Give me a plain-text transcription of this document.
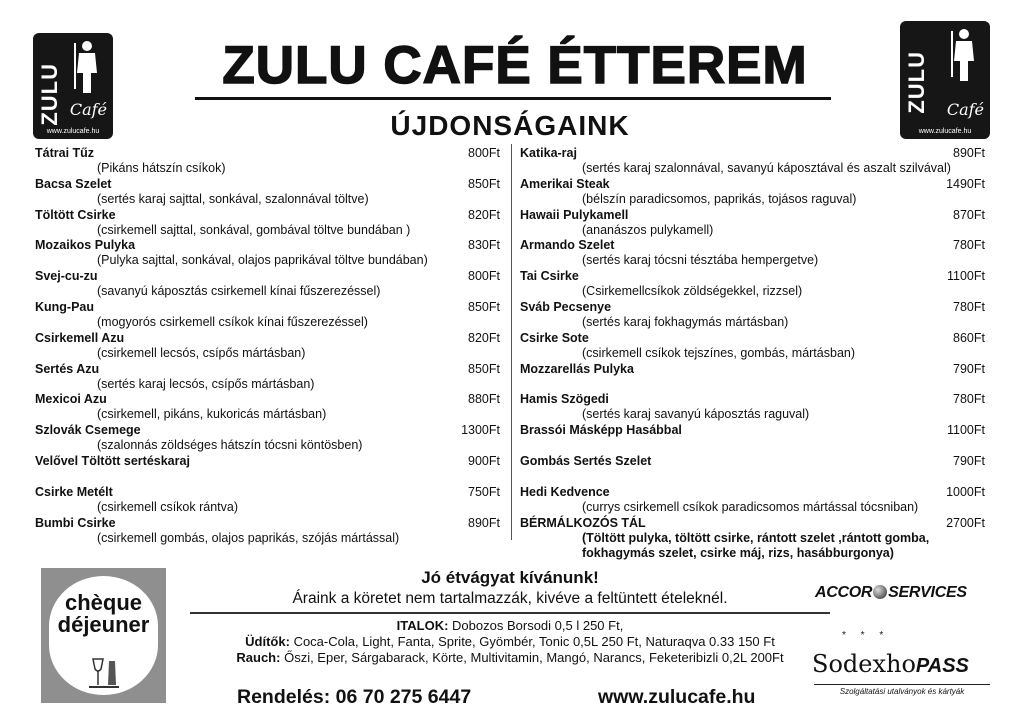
ZULU Café
www.zulucafe.hu
ZULU Café
www.zulucafe.hu
ZULU CAFÉ ÉTTEREM
ÚJDONSÁGAINK
Tátrai Tűz	800Ft
(Pikáns hátszín csíkok)
Bacsa Szelet	850Ft
(sertés karaj sajttal, sonkával, szalonnával töltve)
Töltött Csirke	820Ft
(csirkemell sajttal, sonkával, gombával töltve bundában )
Mozaikos Pulyka	830Ft
(Pulyka sajttal, sonkával, olajos paprikával töltve bundában)
Svej-cu-zu	800Ft
(savanyú káposztás csirkemell kínai fűszerezéssel)
Kung-Pau	850Ft
(mogyorós csirkemell csíkok kínai fűszerezéssel)
Csirkemell Azu	820Ft
(csirkemell lecsós, csípős mártásban)
Sertés Azu	850Ft
(sertés karaj lecsós, csípős mártásban)
Mexicoi Azu	880Ft
(csirkemell, pikáns, kukoricás mártásban)
Szlovák Csemege	1300Ft
(szalonnás zöldséges hátszín tócsni köntösben)
Velővel Töltött sertéskaraj	900Ft
Csirke Metélt	750Ft
(csirkemell csíkok rántva)
Bumbi Csirke	890Ft
(csirkemell gombás, olajos paprikás, szójás mártással)
Katika-raj	890Ft
(sertés karaj szalonnával, savanyú káposztával és aszalt szilvával)
Amerikai Steak	1490Ft
(bélszín paradicsomos, paprikás, tojásos raguval)
Hawaii Pulykamell	870Ft
(ananászos pulykamell)
Armando Szelet	780Ft
(sertés karaj tócsni tésztába hempergetve)
Tai Csirke	1100Ft
(Csirkemellcsíkok zöldségekkel, rizzsel)
Sváb Pecsenye	780Ft
(sertés karaj fokhagymás mártásban)
Csirke Sote	860Ft
(csirkemell csíkok tejszínes, gombás, mártásban)
Mozzarellás Pulyka	790Ft
Hamis Szögedi	780Ft
(sertés karaj savanyú káposztás raguval)
Brassói Másképp Hasábbal	1100Ft
Gombás Sertés Szelet	790Ft
Hedi Kedvence	1000Ft
(currys csirkemell csíkok paradicsomos mártással tócsniban)
BÉRMÁLKOZÓS TÁL	2700Ft
(Töltött pulyka, töltött csirke, rántott szelet ,rántott gomba,
fokhagymás szelet, csirke máj, rizs, hasábburgonya)
chèque
déjeuner
Jó étvágyat kívánunk!
Áraink a köretet nem tartalmazzák, kivéve a feltüntett ételeknél.
ITALOK: Dobozos Borsodi 0,5 l 250 Ft,
Üdítők: Coca-Cola, Light, Fanta, Sprite, Gyömbér, Tonic 0,5L 250 Ft, Naturaqva 0.33 150 Ft
Rauch: Őszi, Eper, Sárgabarack, Körte, Multivitamin, Mangó, Narancs, Feketeribizli 0,2L 200Ft
Rendelés: 06 70 275 6447	www.zulucafe.hu
ACCOR SERVICES
* * *
SodexhoPASS
Szolgáltatási utalványok és kártyák
